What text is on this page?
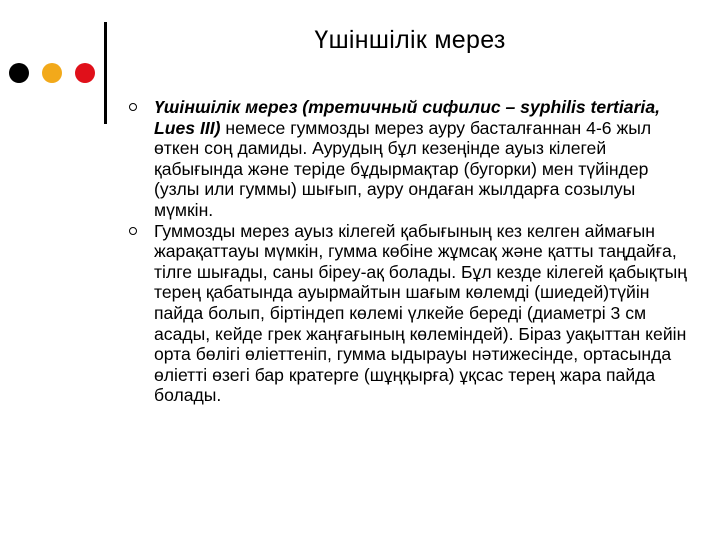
Үшіншілік мерез
Үшіншілік мерез (третичный сифилис – syphilis tertiaria, Lues III) немесе гуммозды мерез ауру басталғаннан 4-6 жыл өткен соң дамиды. Аурудың бұл кезеңінде ауыз кілегей қабығында және теріде бұдырмақтар (бугорки) мен түйіндер (узлы или гуммы) шығып, ауру ондаған жылдарға созылуы мүмкін.
Гуммозды мерез ауыз кілегей қабығының кез келген аймағын жарақаттауы мүмкін, гумма көбіне жұмсақ және қатты таңдайға, тілге шығады, саны біреу-ақ болады. Бұл кезде кілегей қабықтың терең қабатында ауырмайтын шағым көлемді (шиедей)түйін пайда болып, біртіндеп көлемі үлкейе береді (диаметрі 3 см асады, кейде грек жаңғағының көлеміндей). Біраз уақыттан кейін орта бөлігі өлiеттеніп, гумма ыдырауы нәтижесінде, ортасында өлiетті өзегі бар кратерге (шұңқырға) ұқсас терең жара пайда болады.
